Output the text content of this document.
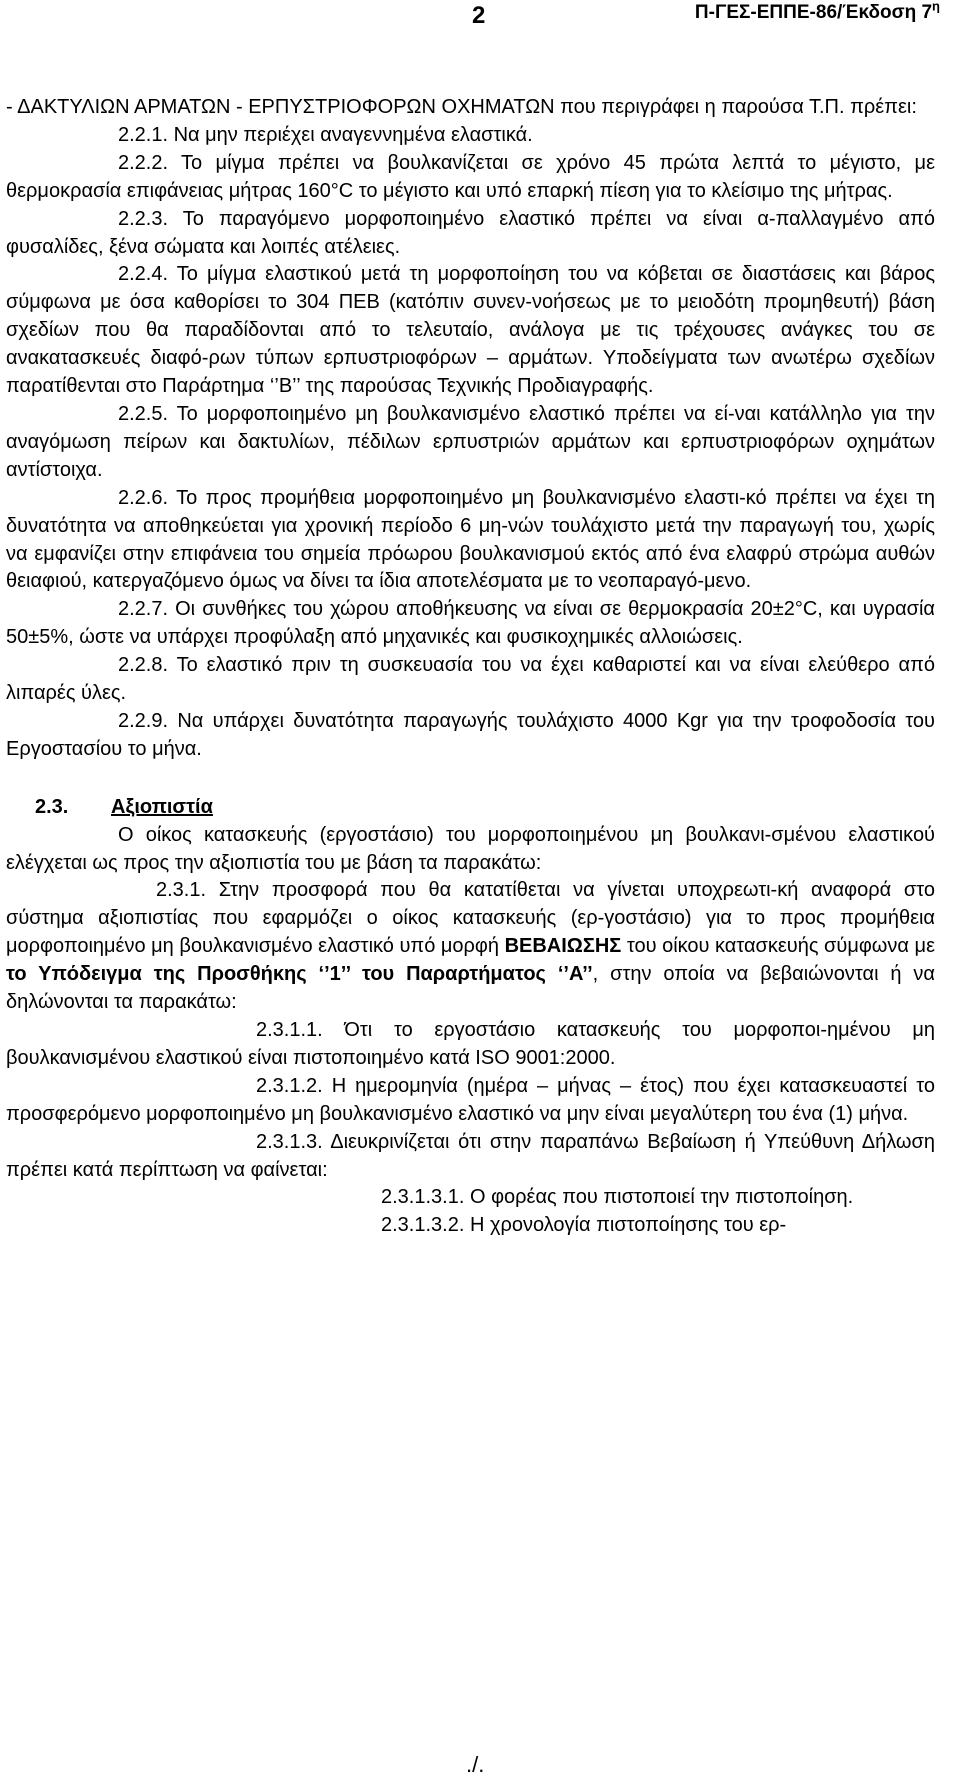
2	Π-ΓΕΣ-ΕΠΠΕ-86/Έκδοση $7^\eta$

- ΔΑΚΤΥΛΙΩΝ ΑΡΜΑΤΩΝ - ΕΡΠΥΣΤΡΙΟΦΟΡΩΝ ΟΧΗΜΑΤΩΝ που περιγράφει η παρούσα Τ.Π. πρέπει:

2.2.1. Να μην περιέχει αναγεννημένα ελαστικά.

2.2.2. Το μίγμα πρέπει να βουλκανίζεται σε χρόνο 45 πρώτα λεπτά το μέγιστο, με θερμοκρασία επιφάνειας μήτρας 160°C το μέγιστο και υπό επαρκή πίεση για το κλείσιμο της μήτρας.

2.2.3. Το παραγόμενο μορφοποιημένο ελαστικό πρέπει να είναι α-παλλαγμένο από φυσαλίδες, ξένα σώματα και λοιπές ατέλειες.

2.2.4. Το μίγμα ελαστικού μετά τη μορφοποίηση του να κόβεται σε διαστάσεις και βάρος σύμφωνα με όσα καθορίσει το 304 ΠΕΒ (κατόπιν συνεν-νοήσεως με το μειοδότη προμηθευτή) βάση σχεδίων που θα παραδίδονται από το τελευταίο, ανάλογα με τις τρέχουσες ανάγκες του σε ανακατασκευές διαφό-ρων τύπων ερπυστριοφόρων – αρμάτων. Υποδείγματα των ανωτέρω σχεδίων παρατίθενται στο Παράρτημα ‘’Β’’ της παρούσας Τεχνικής Προδιαγραφής.

2.2.5. Το μορφοποιημένο μη βουλκανισμένο ελαστικό πρέπει να εί-ναι κατάλληλο για την αναγόμωση πείρων και δακτυλίων, πέδιλων ερπυστριών αρμάτων και ερπυστριοφόρων οχημάτων αντίστοιχα.

2.2.6. Το προς προμήθεια μορφοποιημένο μη βουλκανισμένο ελαστι-κό πρέπει να έχει τη δυνατότητα να αποθηκεύεται για χρονική περίοδο 6 μη-νών τουλάχιστο μετά την παραγωγή του, χωρίς να εμφανίζει στην επιφάνεια του σημεία πρόωρου βουλκανισμού εκτός από ένα ελαφρύ στρώμα αυθών θειαφιού, κατεργαζόμενο όμως να δίνει τα ίδια αποτελέσματα με το νεοπαραγό-μενο.

2.2.7. Οι συνθήκες του χώρου αποθήκευσης να είναι σε θερμοκρασία 20±2°C, και υγρασία 50±5%, ώστε να υπάρχει προφύλαξη από μηχανικές και φυσικοχημικές αλλοιώσεις.

2.2.8. Το ελαστικό πριν τη συσκευασία του να έχει καθαριστεί και να είναι ελεύθερο από λιπαρές ύλες.

2.2.9. Να υπάρχει δυνατότητα παραγωγής τουλάχιστο 4000 Kgr για την τροφοδοσία του Εργοστασίου το μήνα.

2.3. Αξιοπιστία

Ο οίκος κατασκευής (εργοστάσιο) του μορφοποιημένου μη βουλκανι-σμένου ελαστικού ελέγχεται ως προς την αξιοπιστία του με βάση τα παρακάτω:

2.3.1. Στην προσφορά που θα κατατίθεται να γίνεται υποχρεωτι-κή αναφορά στο σύστημα αξιοπιστίας που εφαρμόζει ο οίκος κατασκευής (ερ-γοστάσιο) για το προς προμήθεια μορφοποιημένο μη βουλκανισμένο ελαστικό υπό μορφή ΒΕΒΑΙΩΣΗΣ του οίκου κατασκευής σύμφωνα με το Υπόδειγμα της Προσθήκης ‘’1’’ του Παραρτήματος ‘’Α’’, στην οποία να βεβαιώνονται ή να δηλώνονται τα παρακάτω:

2.3.1.1. Ότι το εργοστάσιο κατασκευής του μορφοποι-ημένου μη βουλκανισμένου ελαστικού είναι πιστοποιημένο κατά ISO 9001:2000.

2.3.1.2. Η ημερομηνία (ημέρα – μήνας – έτος) που έχει κατασκευαστεί το προσφερόμενο μορφοποιημένο μη βουλκανισμένο ελαστικό να μην είναι μεγαλύτερη του ένα (1) μήνα.

2.3.1.3. Διευκρινίζεται ότι στην παραπάνω Βεβαίωση ή Υπεύθυνη Δήλωση πρέπει κατά περίπτωση να φαίνεται:

2.3.1.3.1. Ο φορέας που πιστοποιεί την πιστοποίηση.

2.3.1.3.2. Η χρονολογία πιστοποίησης του ερ-

./.
